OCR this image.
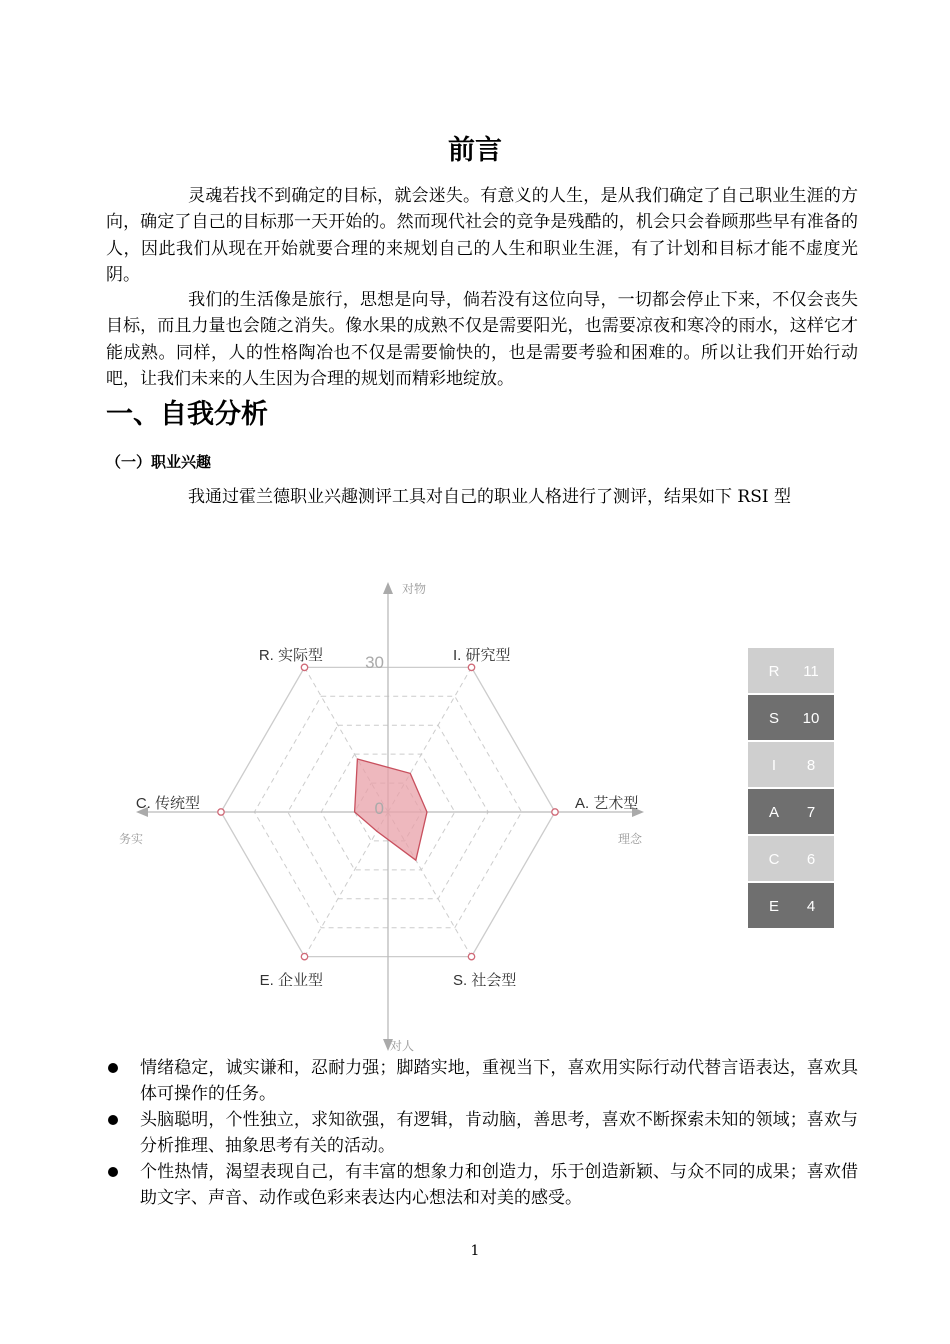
前言

灵魂若找不到确定的目标，就会迷失。有意义的人生，是从我们确定了自己职业生涯的方向，确定了自己的目标那一天开始的。然而现代社会的竞争是残酷的，机会只会眷顾那些早有准备的人，因此我们从现在开始就要合理的来规划自己的人生和职业生涯，有了计划和目标才能不虚度光阴。

我们的生活像是旅行，思想是向导，倘若没有这位向导，一切都会停止下来，不仅会丧失目标，而且力量也会随之消失。像水果的成熟不仅是需要阳光，也需要凉夜和寒冷的雨水，这样它才能成熟。同样，人的性格陶冶也不仅是需要愉快的，也是需要考验和困难的。所以让我们开始行动吧，让我们未来的人生因为合理的规划而精彩地绽放。

一、自我分析
（一）职业兴趣

我通过霍兰德职业兴趣测评工具对自己的职业人格进行了测评，结果如下 RSI 型

R. 实际型	I. 研究型
A. 艺术型
S. 社会型
E. 企业型
C. 传统型
30
0
对物
对人
务实	理念
R 11
S 10
I 8
A 7
C 6
E 4
情绪稳定，诚实谦和，忍耐力强；脚踏实地，重视当下，喜欢用实际行动代替言语表达，喜欢具体可操作的任务。
头脑聪明，个性独立，求知欲强，有逻辑，肯动脑，善思考，喜欢不断探索未知的领域；喜欢与分析推理、抽象思考有关的活动。
个性热情，渴望表现自己，有丰富的想象力和创造力，乐于创造新颖、与众不同的成果；喜欢借助文字、声音、动作或色彩来表达内心想法和对美的感受。
1
